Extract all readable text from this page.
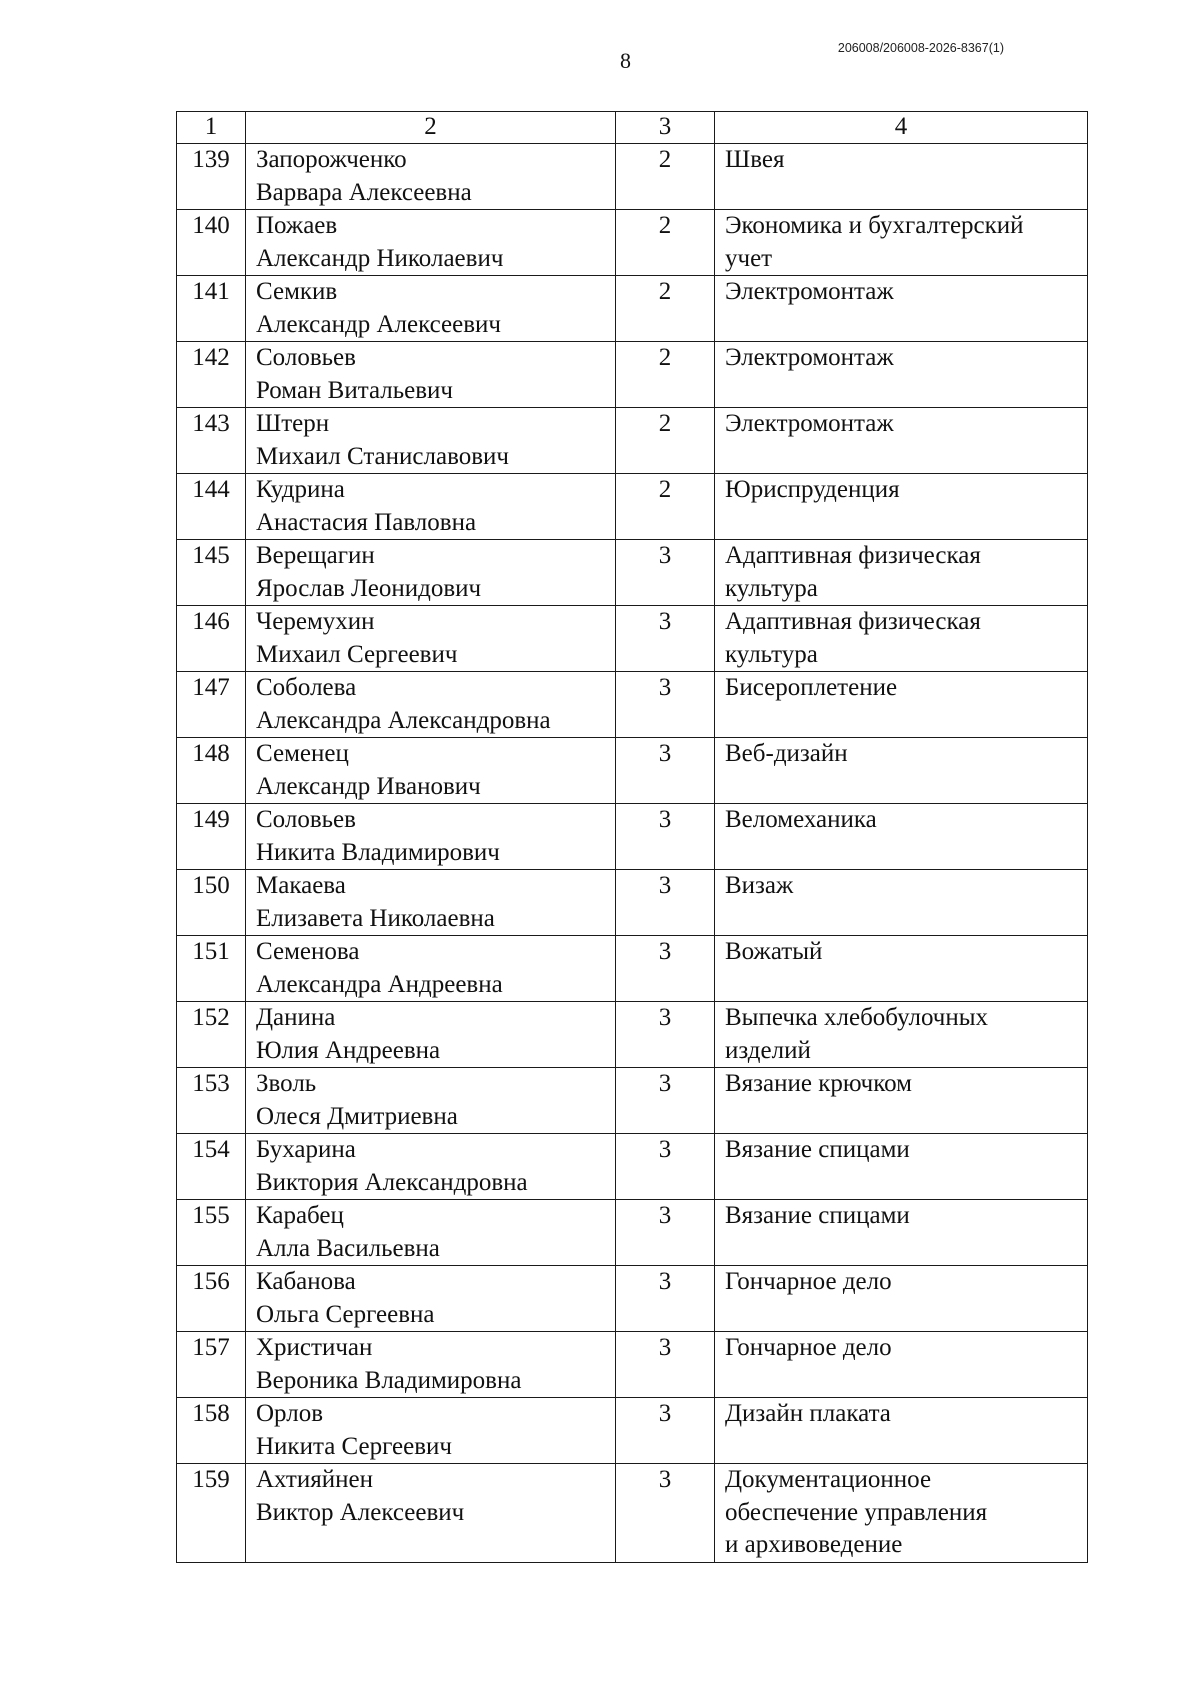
8	206008/206008-2026-8367(1)
1	2	3	4
139	Запорожченко
Варвара Алексеевна	2	Швея

140	Пожаев
Александр Николаевич	2	Экономика и бухгалтерский
учет

141	Семкив
Александр Алексеевич	2	Электромонтаж

142	Соловьев
Роман Витальевич	2	Электромонтаж

143	Штерн
Михаил Станиславович	2	Электромонтаж

144	Кудрина
Анастасия Павловна	2	Юриспруденция

145	Верещагин
Ярослав Леонидович	3	Адаптивная физическая
культура

146	Черемухин
Михаил Сергеевич	3	Адаптивная физическая
культура

147	Соболева
Александра Александровна	3	Бисероплетение

148	Семенец
Александр Иванович	3	Веб-дизайн

149	Соловьев
Никита Владимирович	3	Веломеханика

150	Макаева
Елизавета Николаевна	3	Визаж

151	Семенова
Александра Андреевна	3	Вожатый

152	Данина
Юлия Андреевна	3	Выпечка хлебобулочных
изделий

153	Зволь
Олеся Дмитриевна	3	Вязание крючком

154	Бухарина
Виктория Александровна	3	Вязание спицами

155	Карабец
Алла Васильевна	3	Вязание спицами

156	Кабанова
Ольга Сергеевна	3	Гончарное дело

157	Христичан
Вероника Владимировна	3	Гончарное дело

158	Орлов
Никита Сергеевич	3	Дизайн плаката

159	Ахтияйнен
Виктор Алексеевич	3	Документационное
обеспечение управления
и архивоведение
